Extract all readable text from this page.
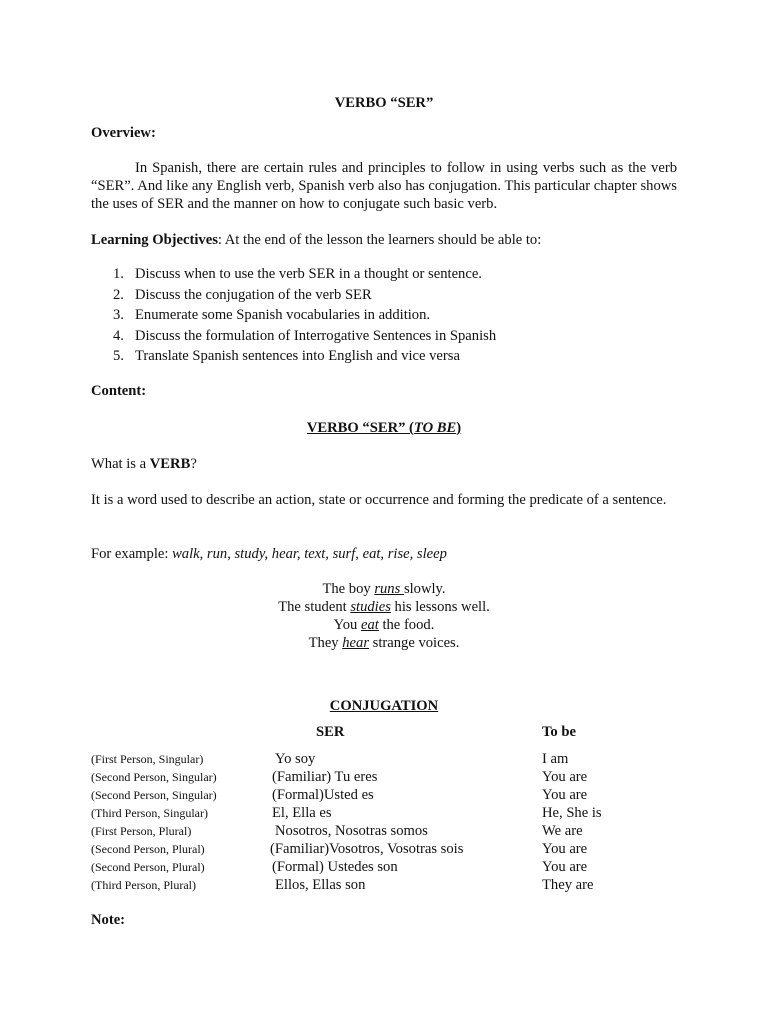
VERBO “SER”
Overview:
In Spanish, there are certain rules and principles to follow in using verbs such as the verb “SER”. And like any English verb, Spanish verb also has conjugation. This particular chapter shows the uses of SER and the manner on how to conjugate such basic verb.
Learning Objectives: At the end of the lesson the learners should be able to:
1. Discuss when to use the verb SER in a thought or sentence.
2. Discuss the conjugation of the verb SER
3. Enumerate some Spanish vocabularies in addition.
4. Discuss the formulation of Interrogative Sentences in Spanish
5. Translate Spanish sentences into English and vice versa
Content:
VERBO “SER” (TO BE)
What is a VERB?
It is a word used to describe an action, state or occurrence and forming the predicate of a sentence.
For example: walk, run, study, hear, text, surf, eat, rise, sleep
The boy runs slowly.
The student studies his lessons well.
You eat the food.
They hear strange voices.
CONJUGATION
SER	To be
(First Person, Singular)	Yo soy	I am
(Second Person, Singular)	(Familiar) Tu eres	You are
(Second Person, Singular)	(Formal)Usted es	You are
(Third Person, Singular)	El, Ella es	He, She is
(First Person, Plural)	Nosotros, Nosotras somos	We are
(Second Person, Plural)	(Familiar)Vosotros, Vosotras sois	You are
(Second Person, Plural)	(Formal) Ustedes son	You are
(Third Person, Plural)	Ellos, Ellas son	They are
Note:
